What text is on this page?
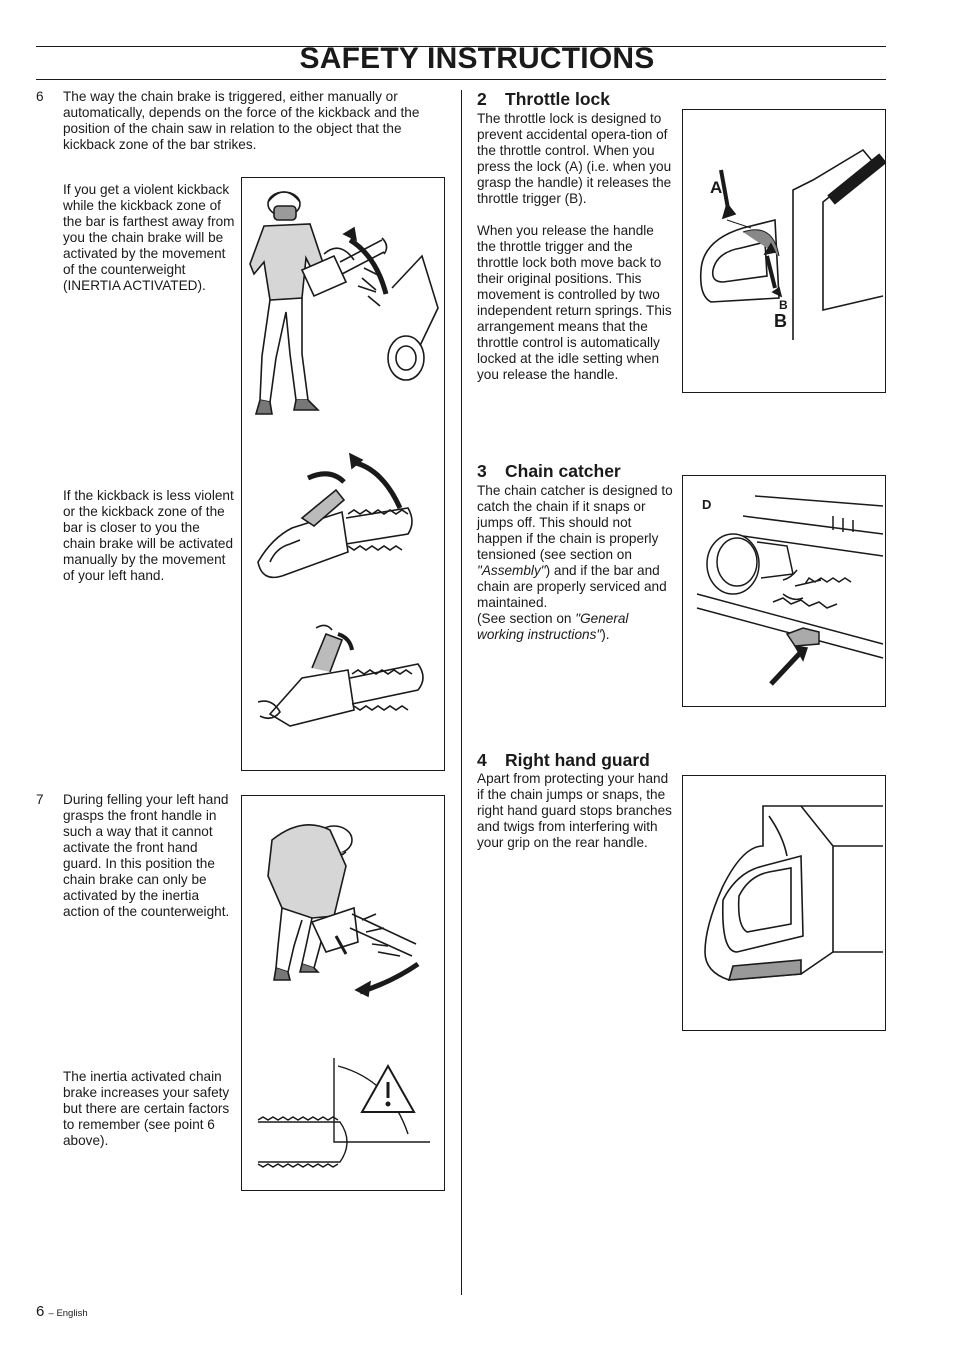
SAFETY INSTRUCTIONS
6 The way the chain brake is triggered, either manually or automatically, depends on the force of the kickback and the position of the chain saw in relation to the object that the kickback zone of the bar strikes.

If you get a violent kickback while the kickback zone of the bar is farthest away from you the chain brake will be activated by the movement of the counterweight (INERTIA ACTIVATED).

If the kickback is less violent or the kickback zone of the bar is closer to you the chain brake will be activated manually by the movement of your left hand.

7 During felling your left hand grasps the front handle in such a way that it cannot activate the front hand guard. In this position the chain brake can only be activated by the inertia action of the counterweight.

The inertia activated chain brake increases your safety but there are certain factors to remember (see point 6 above).

2 Throttle lock

The throttle lock is designed to prevent accidental opera-tion of the throttle control. When you press the lock (A) (i.e. when you grasp the handle) it releases the throttle trigger (B).

When you release the handle the throttle trigger and the throttle lock both move back to their original positions. This movement is controlled by two independent return springs. This arrangement means that the throttle control is automatically locked at the idle setting when you release the handle.

A
B
B
3 Chain catcher

The chain catcher is designed to catch the chain if it snaps or jumps off. This should not happen if the chain is properly tensioned (see section on "Assembly") and if the bar and chain are properly serviced and maintained.
(See section on "General working instructions").

D
4 Right hand guard

Apart from protecting your hand if the chain jumps or snaps, the right hand guard stops branches and twigs from interfering with your grip on the rear handle.

6 – English
